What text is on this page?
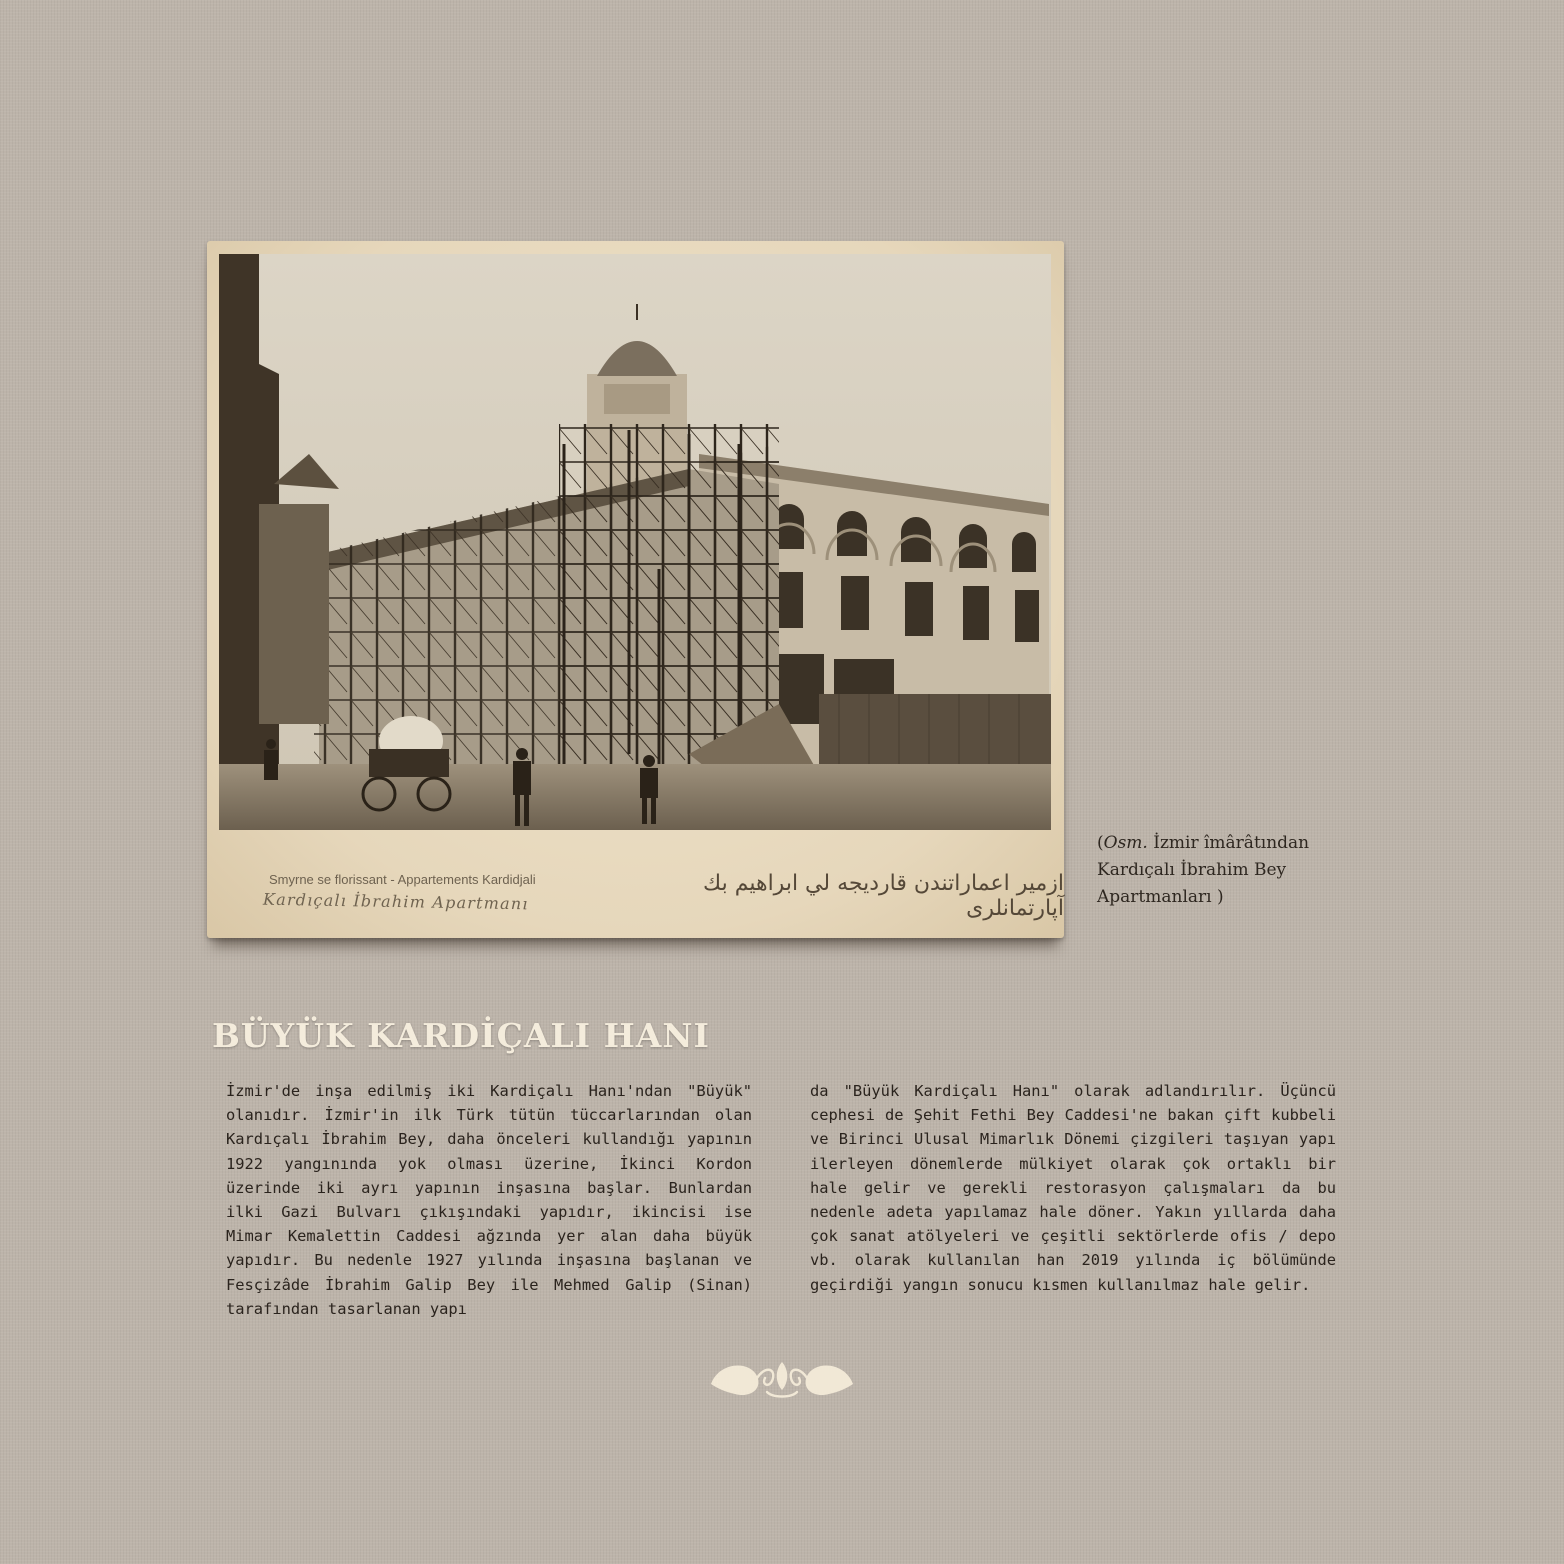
Smyrne se florissant - Appartements Kardidjali
Kardıçalı İbrahim Apartmanı
ازمیر اعماراتندن قارديجه لي ابراهيم بك آپارتمانلری
(Osm. İzmir îmârâtından Kardıçalı İbrahim Bey Apartmanları )
BÜYÜK KARDİÇALI HANI
İzmir'de inşa edilmiş iki Kardiçalı Hanı'ndan "Büyük" olanıdır. İzmir'in ilk Türk tütün tüccarlarından olan Kardıçalı İbrahim Bey, daha önceleri kullandığı yapının 1922 yangınında yok olması üzerine, İkinci Kordon üzerinde iki ayrı yapının inşasına başlar. Bunlardan ilki Gazi Bulvarı çıkışındaki yapıdır, ikincisi ise Mimar Kemalettin Caddesi ağzında yer alan daha büyük yapıdır. Bu nedenle 1927 yılında inşasına başlanan ve Fesçizâde İbrahim Galip Bey ile Mehmed Galip (Sinan) tarafından tasarlanan yapı
da "Büyük Kardiçalı Hanı" olarak adlandırılır. Üçüncü cephesi de Şehit Fethi Bey Caddesi'ne bakan çift kubbeli ve Birinci Ulusal Mimarlık Dönemi çizgileri taşıyan yapı ilerleyen dönemlerde mülkiyet olarak çok ortaklı bir hale gelir ve gerekli restorasyon çalışmaları da bu nedenle adeta yapılamaz hale döner. Yakın yıllarda daha çok sanat atölyeleri ve çeşitli sektörlerde ofis / depo vb. olarak kullanılan han 2019 yılında iç bölümünde geçirdiği yangın sonucu kısmen kullanılmaz hale gelir.
